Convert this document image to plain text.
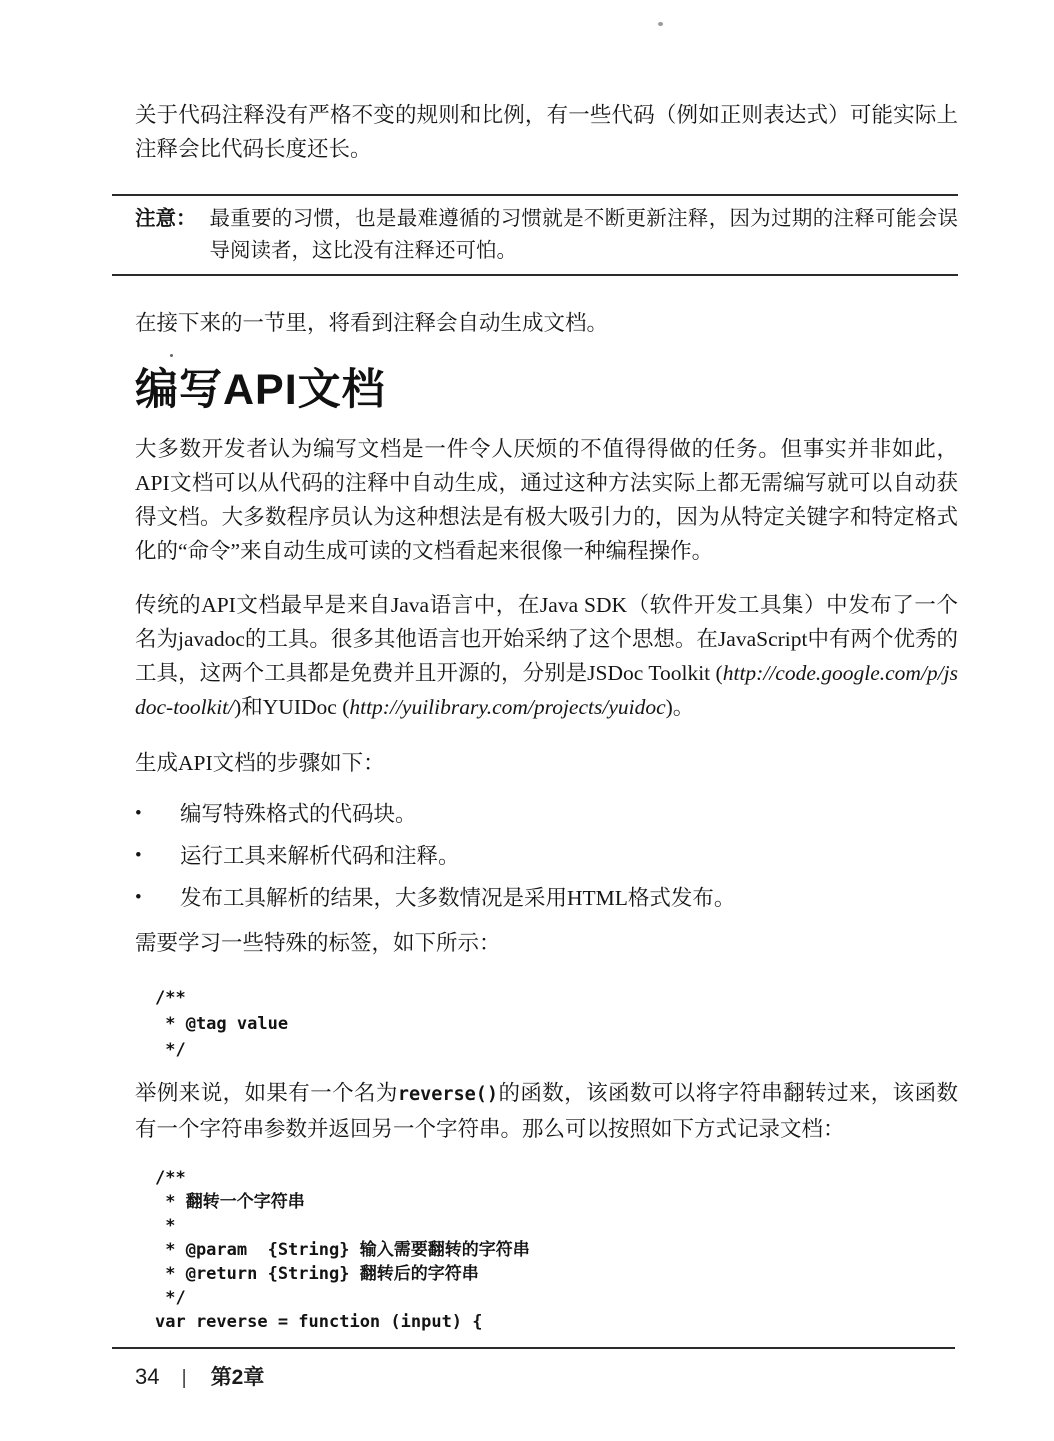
关于代码注释没有严格不变的规则和比例，有一些代码（例如正则表达式）可能实际上注释会比代码长度还长。

注意： 最重要的习惯，也是最难遵循的习惯就是不断更新注释，因为过期的注释可能会误导阅读者，这比没有注释还可怕。

在接下来的一节里，将看到注释会自动生成文档。

编写API文档

大多数开发者认为编写文档是一件令人厌烦的不值得得做的任务。但事实并非如此，API文档可以从代码的注释中自动生成，通过这种方法实际上都无需编写就可以自动获得文档。大多数程序员认为这种想法是有极大吸引力的，因为从特定关键字和特定格式化的“命令”来自动生成可读的文档看起来很像一种编程操作。

传统的API文档最早是来自Java语言中，在Java SDK（软件开发工具集）中发布了一个名为javadoc的工具。很多其他语言也开始采纳了这个思想。在JavaScript中有两个优秀的工具，这两个工具都是免费并且开源的，分别是JSDoc Toolkit (http://code.google.com/p/jsdoc-toolkit/)和YUIDoc (http://yuilibrary.com/projects/yuidoc)。

生成API文档的步骤如下：

•	编写特殊格式的代码块。
•	运行工具来解析代码和注释。
•	发布工具解析的结果，大多数情况是采用HTML格式发布。

需要学习一些特殊的标签，如下所示：

/**
* @tag value
*/

举例来说，如果有一个名为reverse()的函数，该函数可以将字符串翻转过来，该函数有一个字符串参数并返回另一个字符串。那么可以按照如下方式记录文档：

/**
* 翻转一个字符串
*
* @param  {String} 输入需要翻转的字符串
* @return {String} 翻转后的字符串
*/
var reverse = function (input) {
34 | 第2章
